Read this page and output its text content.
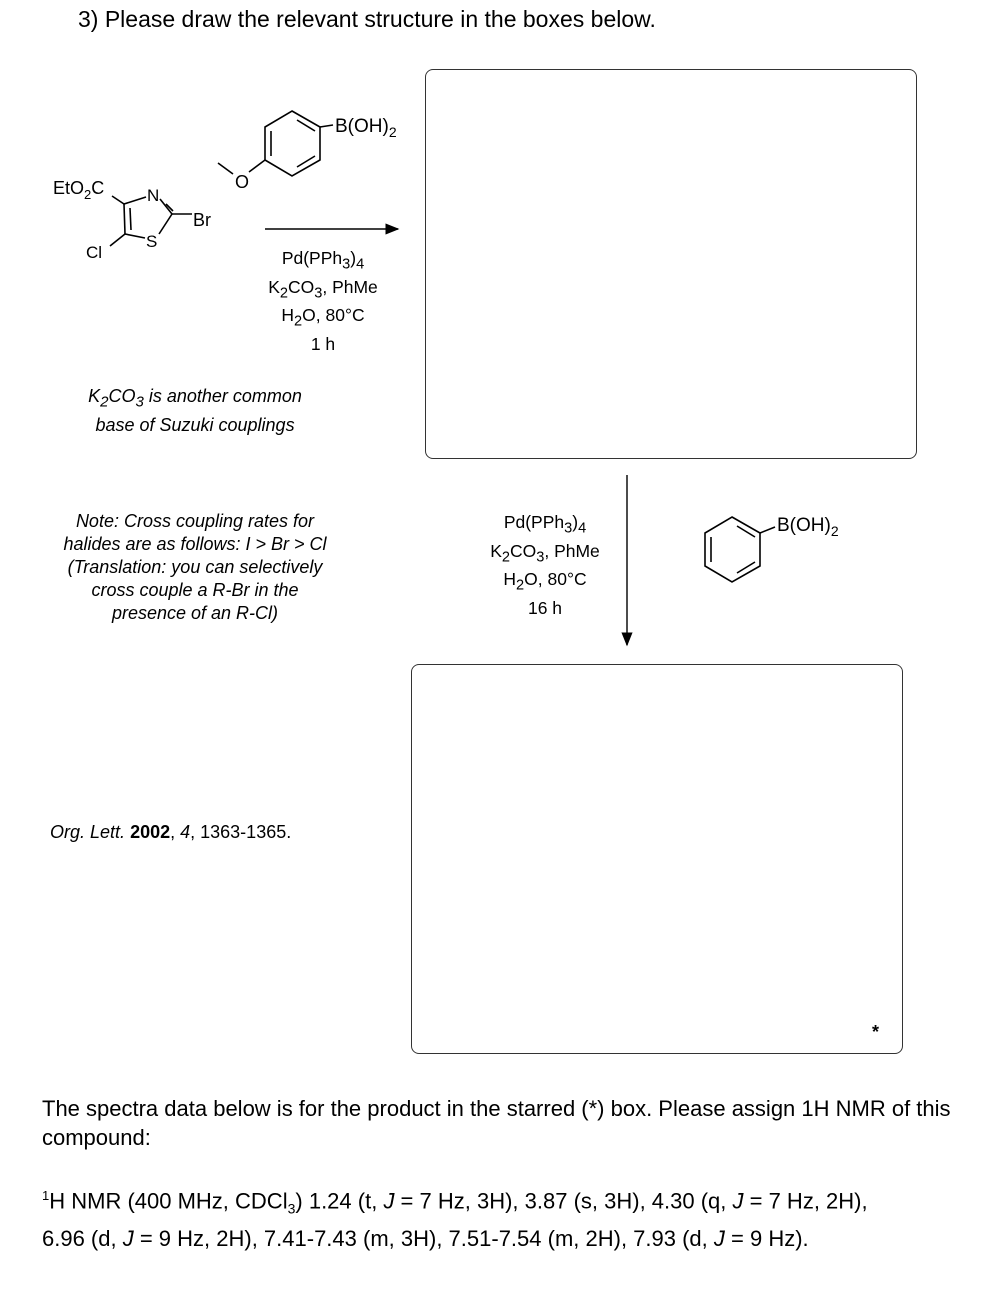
3) Please draw the relevant structure in the boxes below.
*
$B(OH)_2$
O
EtO$_2$C	N
S
Br
Cl
$B(OH)_2$
$Pd(PPh_3)_4$
$K_2CO_3$, PhMe
$H_2O$, 80°C
1 h
$K_2CO_3$ is another common
base of Suzuki couplings
Note: Cross coupling rates for
halides are as follows: I > Br > Cl
(Translation: you can selectively
cross couple a R-Br in the
presence of an R-Cl)
$Pd(PPh_3)_4$
$K_2CO_3$, PhMe
$H_2O$, 80°C
16 h
Org. Lett. 2002, 4, 1363-1365.
The spectra data below is for the product in the starred (*) box. Please assign 1H NMR of this compound:
$^1$H NMR (400 MHz, CDCl$_3$) 1.24 (t, J = 7 Hz, 3H), 3.87 (s, 3H), 4.30 (q, J = 7 Hz, 2H),
6.96 (d, J = 9 Hz, 2H), 7.41-7.43 (m, 3H), 7.51-7.54 (m, 2H), 7.93 (d, J = 9 Hz).
